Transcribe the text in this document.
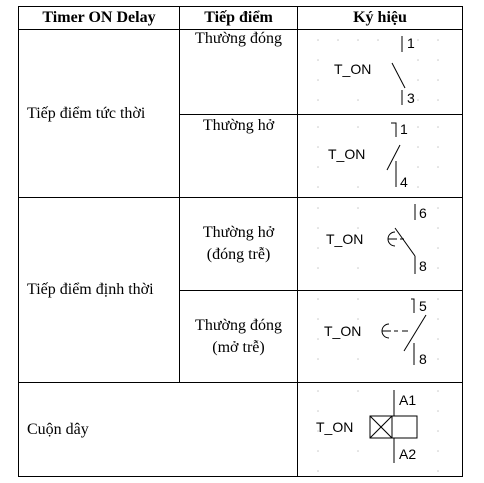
Timer ON Delay	Tiếp điểm	Ký hiệu
Tiếp điểm tức thời
Tiếp điểm định thời
Cuộn dây
Thường đóng
Thường hở
Thường hở
(đóng trễ)
Thường đóng
(mở trễ)
1
3
T_ON
1
4
T_ON
6
8
T_ON
5
8
T_ON
A1
A2
T_ON
